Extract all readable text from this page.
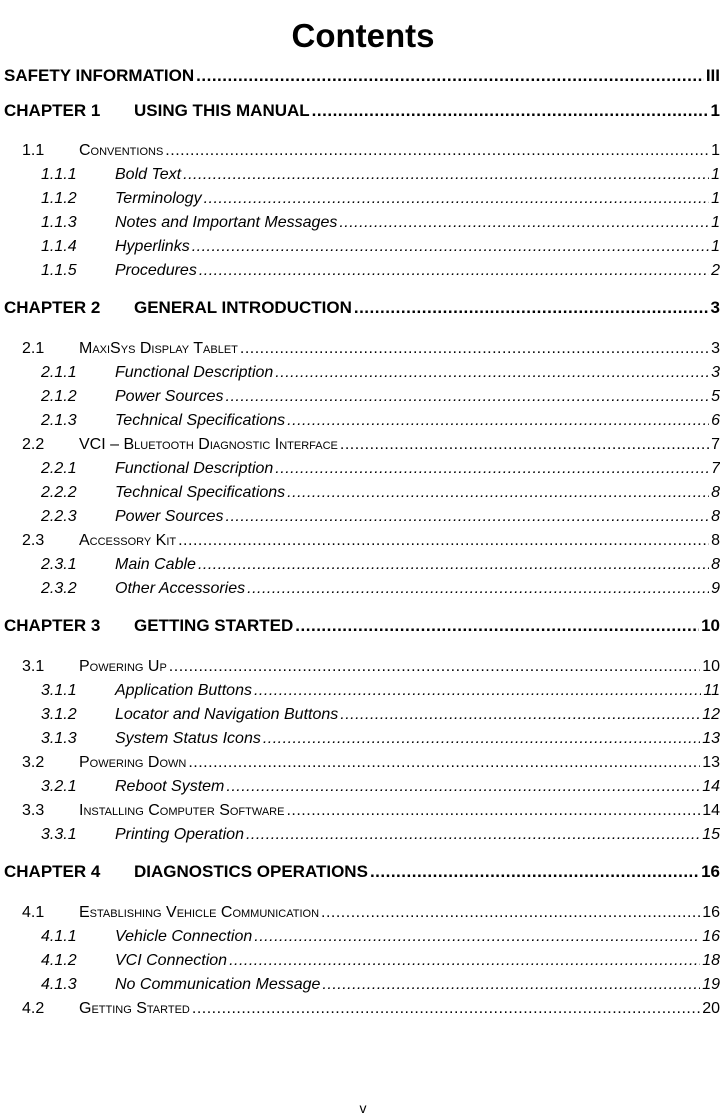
Contents
SAFETY INFORMATION .....	III
CHAPTER 1	USING THIS MANUAL .....	1
1.1	Conventions .....	1
1.1.1	Bold Text .....	1
1.1.2	Terminology .....	1
1.1.3	Notes and Important Messages .....	1
1.1.4	Hyperlinks .....	1
1.1.5	Procedures .....	2
CHAPTER 2	GENERAL INTRODUCTION .....	3
2.1	MaxiSys Display Tablet .....	3
2.1.1	Functional Description .....	3
2.1.2	Power Sources .....	5
2.1.3	Technical Specifications .....	6
2.2	VCI – Bluetooth Diagnostic Interface .....	7
2.2.1	Functional Description .....	7
2.2.2	Technical Specifications .....	8
2.2.3	Power Sources .....	8
2.3	Accessory Kit .....	8
2.3.1	Main Cable .....	8
2.3.2	Other Accessories .....	9
CHAPTER 3	GETTING STARTED .....	10
3.1	Powering Up .....	10
3.1.1	Application Buttons .....	11
3.1.2	Locator and Navigation Buttons .....	12
3.1.3	System Status Icons .....	13
3.2	Powering Down .....	13
3.2.1	Reboot System .....	14
3.3	Installing Computer Software .....	14
3.3.1	Printing Operation .....	15
CHAPTER 4	DIAGNOSTICS OPERATIONS .....	16
4.1	Establishing Vehicle Communication .....	16
4.1.1	Vehicle Connection .....	16
4.1.2	VCI Connection .....	18
4.1.3	No Communication Message .....	19
4.2	Getting Started .....	20
v
